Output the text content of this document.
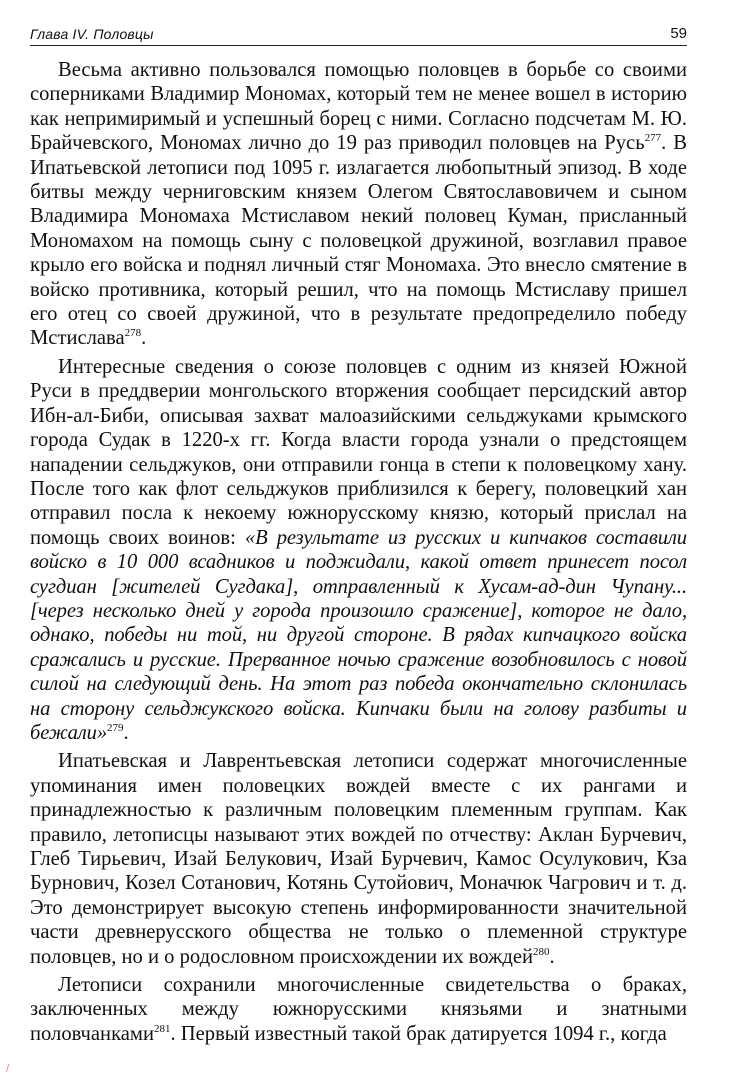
Глава IV. Половцы	59

Весьма активно пользовался помощью половцев в борьбе со своими соперниками Владимир Мономах, который тем не менее вошел в историю как непримиримый и успешный борец с ними. Согласно подсчетам М. Ю. Брайчевского, Мономах лично до 19 раз приводил половцев на Русь$^{277}$. В Ипатьевской летописи под 1095 г. излагается любопытный эпизод. В ходе битвы между черниговским князем Олегом Святославовичем и сыном Владимира Мономаха Мстиславом некий половец Куман, присланный Мономахом на помощь сыну с половецкой дружиной, возглавил правое крыло его войска и поднял личный стяг Мономаха. Это внесло смятение в войско противника, который решил, что на помощь Мстиславу пришел его отец со своей дружиной, что в результате предопределило победу Мстислава$^{278}$.

Интересные сведения о союзе половцев с одним из князей Южной Руси в преддверии монгольского вторжения сообщает персидский автор Ибн-ал-Биби, описывая захват малоазийскими сельджуками крымского города Судак в 1220-х гг. Когда власти города узнали о предстоящем нападении сельджуков, они отправили гонца в степи к половецкому хану. После того как флот сельджуков приблизился к берегу, половецкий хан отправил посла к некоему южнорусскому князю, который прислал на помощь своих воинов: «В результате из русских и кипчаков составили войско в 10 000 всадников и поджидали, какой ответ принесет посол сугдиан [жителей Сугдака], отправленный к Хусам-ад-дин Чупану... [через несколько дней у города произошло сражение], которое не дало, однако, победы ни той, ни другой стороне. В рядах кипчацкого войска сражались и русские. Прерванное ночью сражение возобновилось с новой силой на следующий день. На этот раз победа окончательно склонилась на сторону сельджукского войска. Кипчаки были на голову разбиты и бежали»$^{279}$.

Ипатьевская и Лаврентьевская летописи содержат многочисленные упоминания имен половецких вождей вместе с их рангами и принадлежностью к различным половецким племенным группам. Как правило, летописцы называют этих вождей по отчеству: Аклан Бурчевич, Глеб Тирьевич, Изай Белукович, Изай Бурчевич, Камос Осулукович, Кза Бурнович, Козел Сотанович, Котянь Сутойович, Моначюк Чагрович и т. д. Это демонстрирует высокую степень информированности значительной части древнерусского общества не только о племенной структуре половцев, но и о родословном происхождении их вождей$^{280}$.

Летописи сохранили многочисленные свидетельства о браках, заключенных между южнорусскими князьями и знатными половчанками$^{281}$. Первый известный такой брак датируется 1094 г., когда

/
